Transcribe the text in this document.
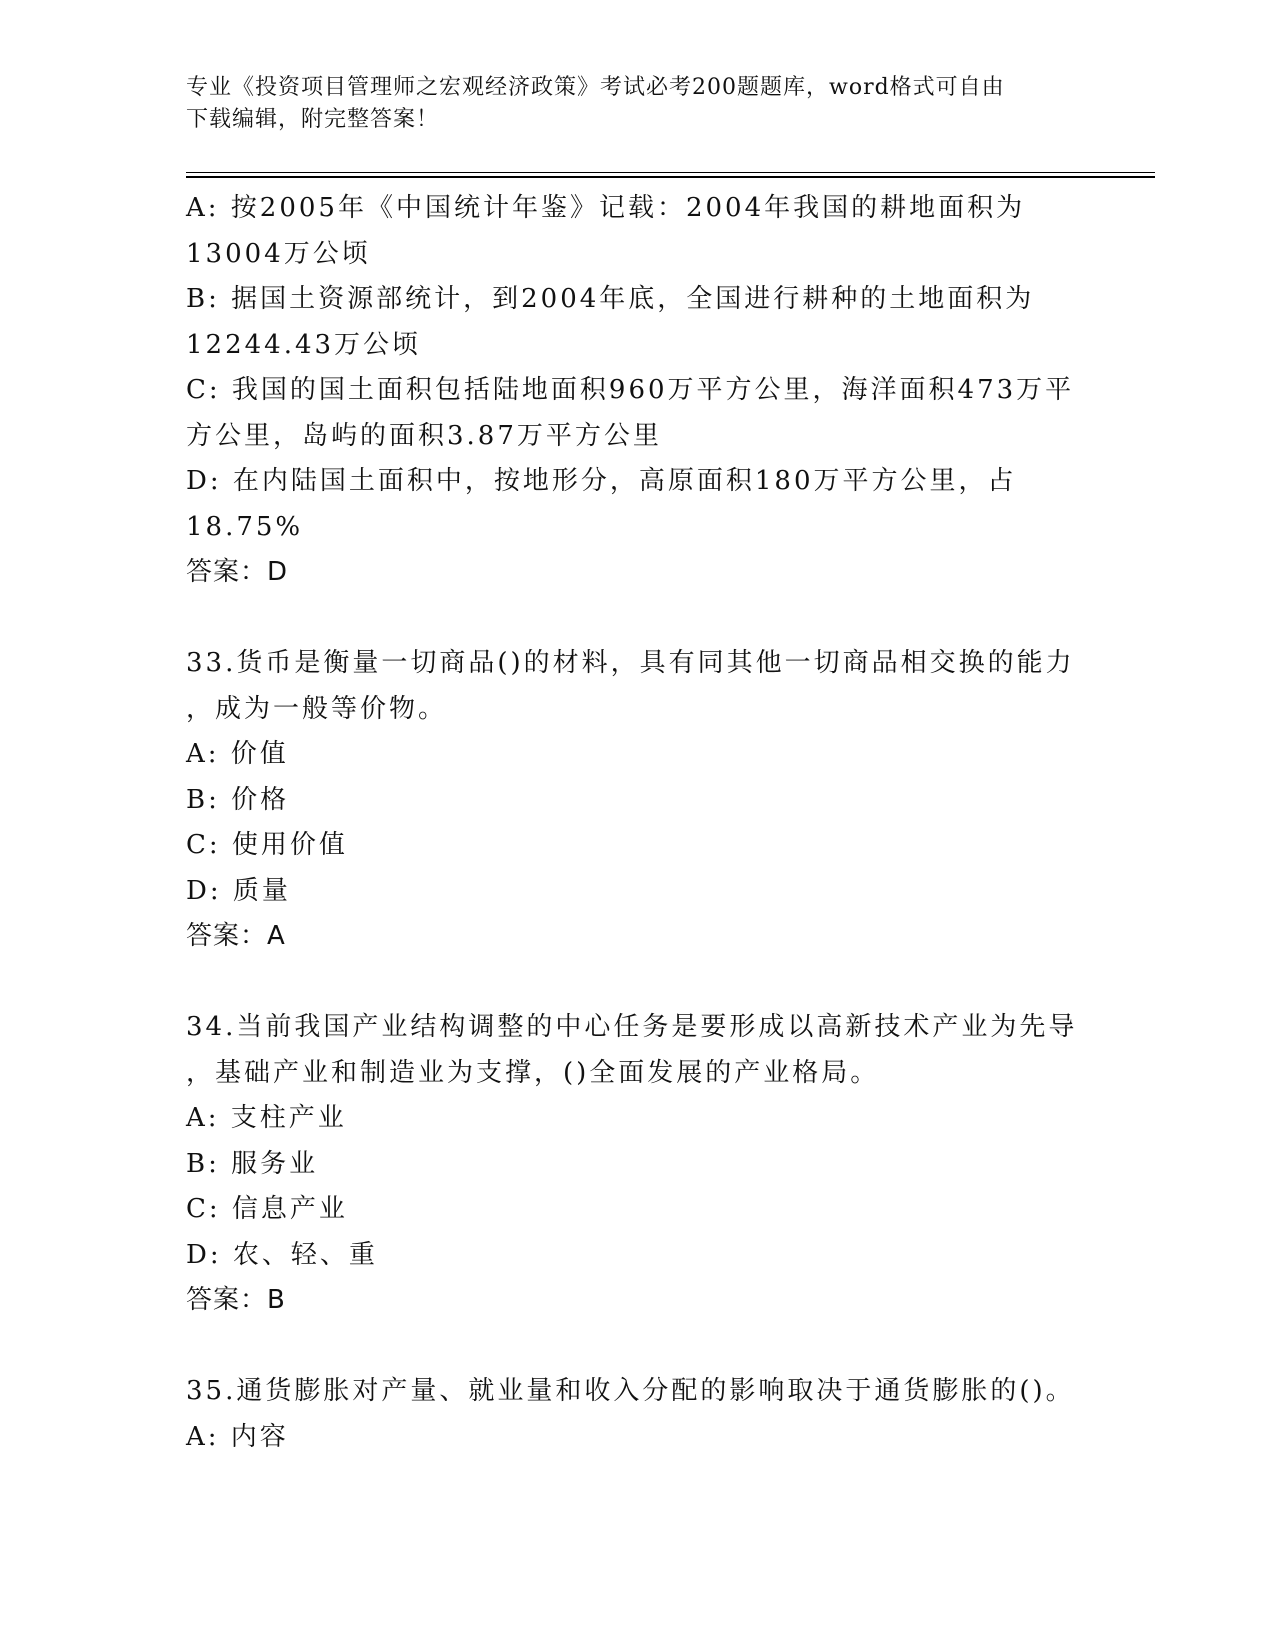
专业《投资项目管理师之宏观经济政策》考试必考200题题库，word格式可自由
下载编辑，附完整答案！
A: 按2005年《中国统计年鉴》记载：2004年我国的耕地面积为
13004万公顷
B: 据国土资源部统计，到2004年底，全国进行耕种的土地面积为
12244.43万公顷
C: 我国的国土面积包括陆地面积960万平方公里，海洋面积473万平
方公里，岛屿的面积3.87万平方公里
D: 在内陆国土面积中，按地形分，高原面积180万平方公里，占
18.75%
答案：D
33.货币是衡量一切商品()的材料，具有同其他一切商品相交换的能力
，成为一般等价物。
A: 价值
B: 价格
C: 使用价值
D: 质量
答案：A
34.当前我国产业结构调整的中心任务是要形成以高新技术产业为先导
，基础产业和制造业为支撑，()全面发展的产业格局。
A: 支柱产业
B: 服务业
C: 信息产业
D: 农、轻、重
答案：B
35.通货膨胀对产量、就业量和收入分配的影响取决于通货膨胀的()。
A: 内容
